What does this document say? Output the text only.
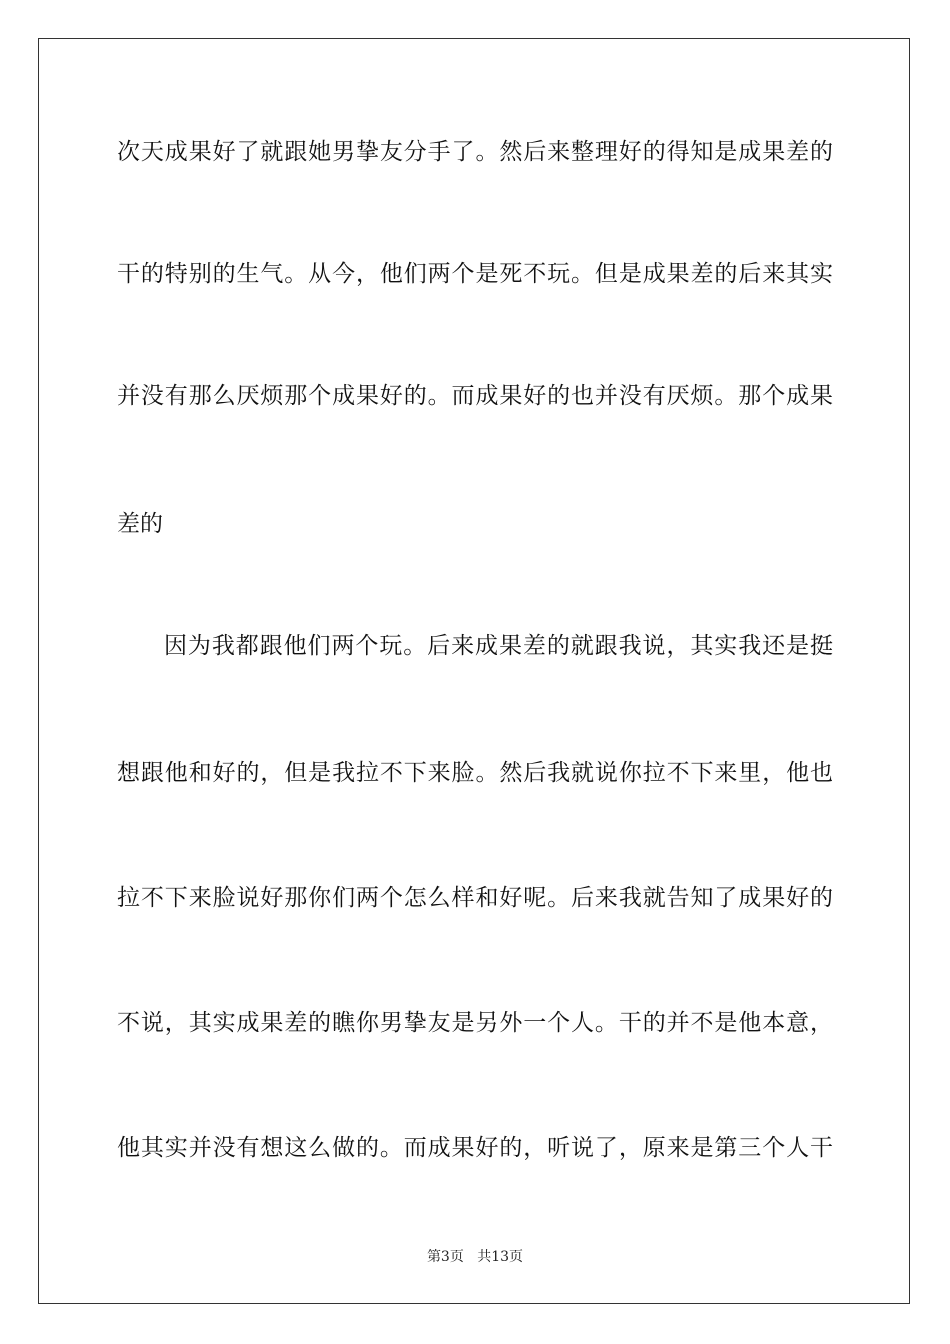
次天成果好了就跟她男挚友分手了。然后来整理好的得知是成果差的
干的特别的生气。从今，他们两个是死不玩。但是成果差的后来其实
并没有那么厌烦那个成果好的。而成果好的也并没有厌烦。那个成果
差的
因为我都跟他们两个玩。后来成果差的就跟我说，其实我还是挺
想跟他和好的，但是我拉不下来脸。然后我就说你拉不下来里，他也
拉不下来脸说好那你们两个怎么样和好呢。后来我就告知了成果好的
不说，其实成果差的瞧你男挚友是另外一个人。干的并不是他本意，
他其实并没有想这么做的。而成果好的，听说了，原来是第三个人干
第3页 共13页
